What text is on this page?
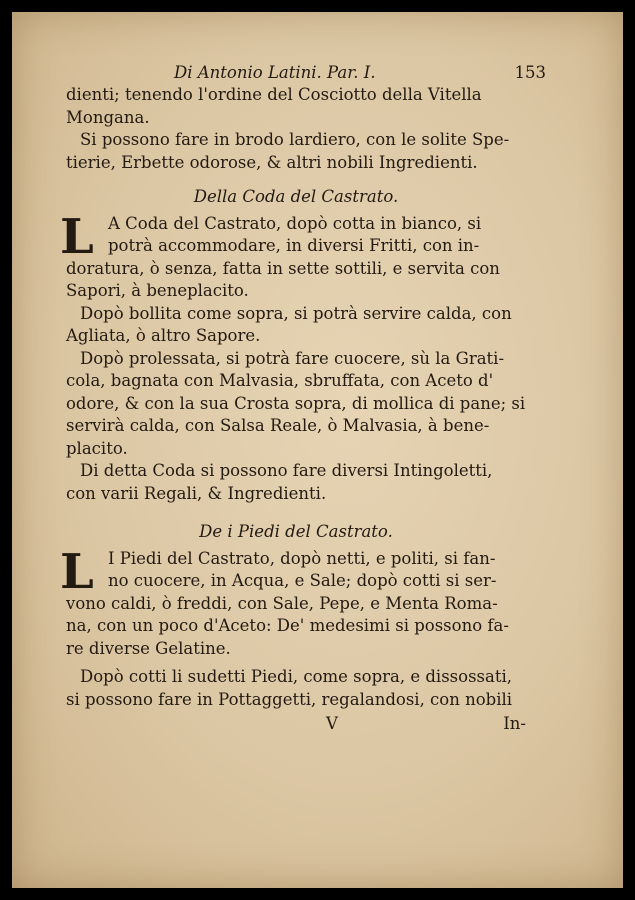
Di Antonio Latini. Par. I.	153
dienti; tenendo l'ordine del Cosciotto della Vitella
Mongana.
Si possono fare in brodo lardiero, con le solite Spe-
tierie, Erbette odorose, & altri nobili Ingredienti.
Della Coda del Castrato.
L A Coda del Castrato, dopò cotta in bianco, si
potrà accommodare, in diversi Fritti, con in-
doratura, ò senza, fatta in sette sottili, e servita con
Sapori, à beneplacito.
Dopò bollita come sopra, si potrà servire calda, con
Agliata, ò altro Sapore.
Dopò prolessata, si potrà fare cuocere, sù la Grati-
cola, bagnata con Malvasia, sbruffata, con Aceto d'
odore, & con la sua Crosta sopra, di mollica di pane; si
servirà calda, con Salsa Reale, ò Malvasia, à bene-
placito.
Di detta Coda si possono fare diversi Intingoletti,
con varii Regali, & Ingredienti.
De i Piedi del Castrato.
L I Piedi del Castrato, dopò netti, e politi, si fan-
no cuocere, in Acqua, e Sale; dopò cotti si ser-
vono caldi, ò freddi, con Sale, Pepe, e Menta Roma-
na, con un poco d'Aceto: De' medesimi si possono fa-
re diverse Gelatine.
Dopò cotti li sudetti Piedi, come sopra, e dissossati,
si possono fare in Pottaggetti, regalandosi, con nobili
V	In-
